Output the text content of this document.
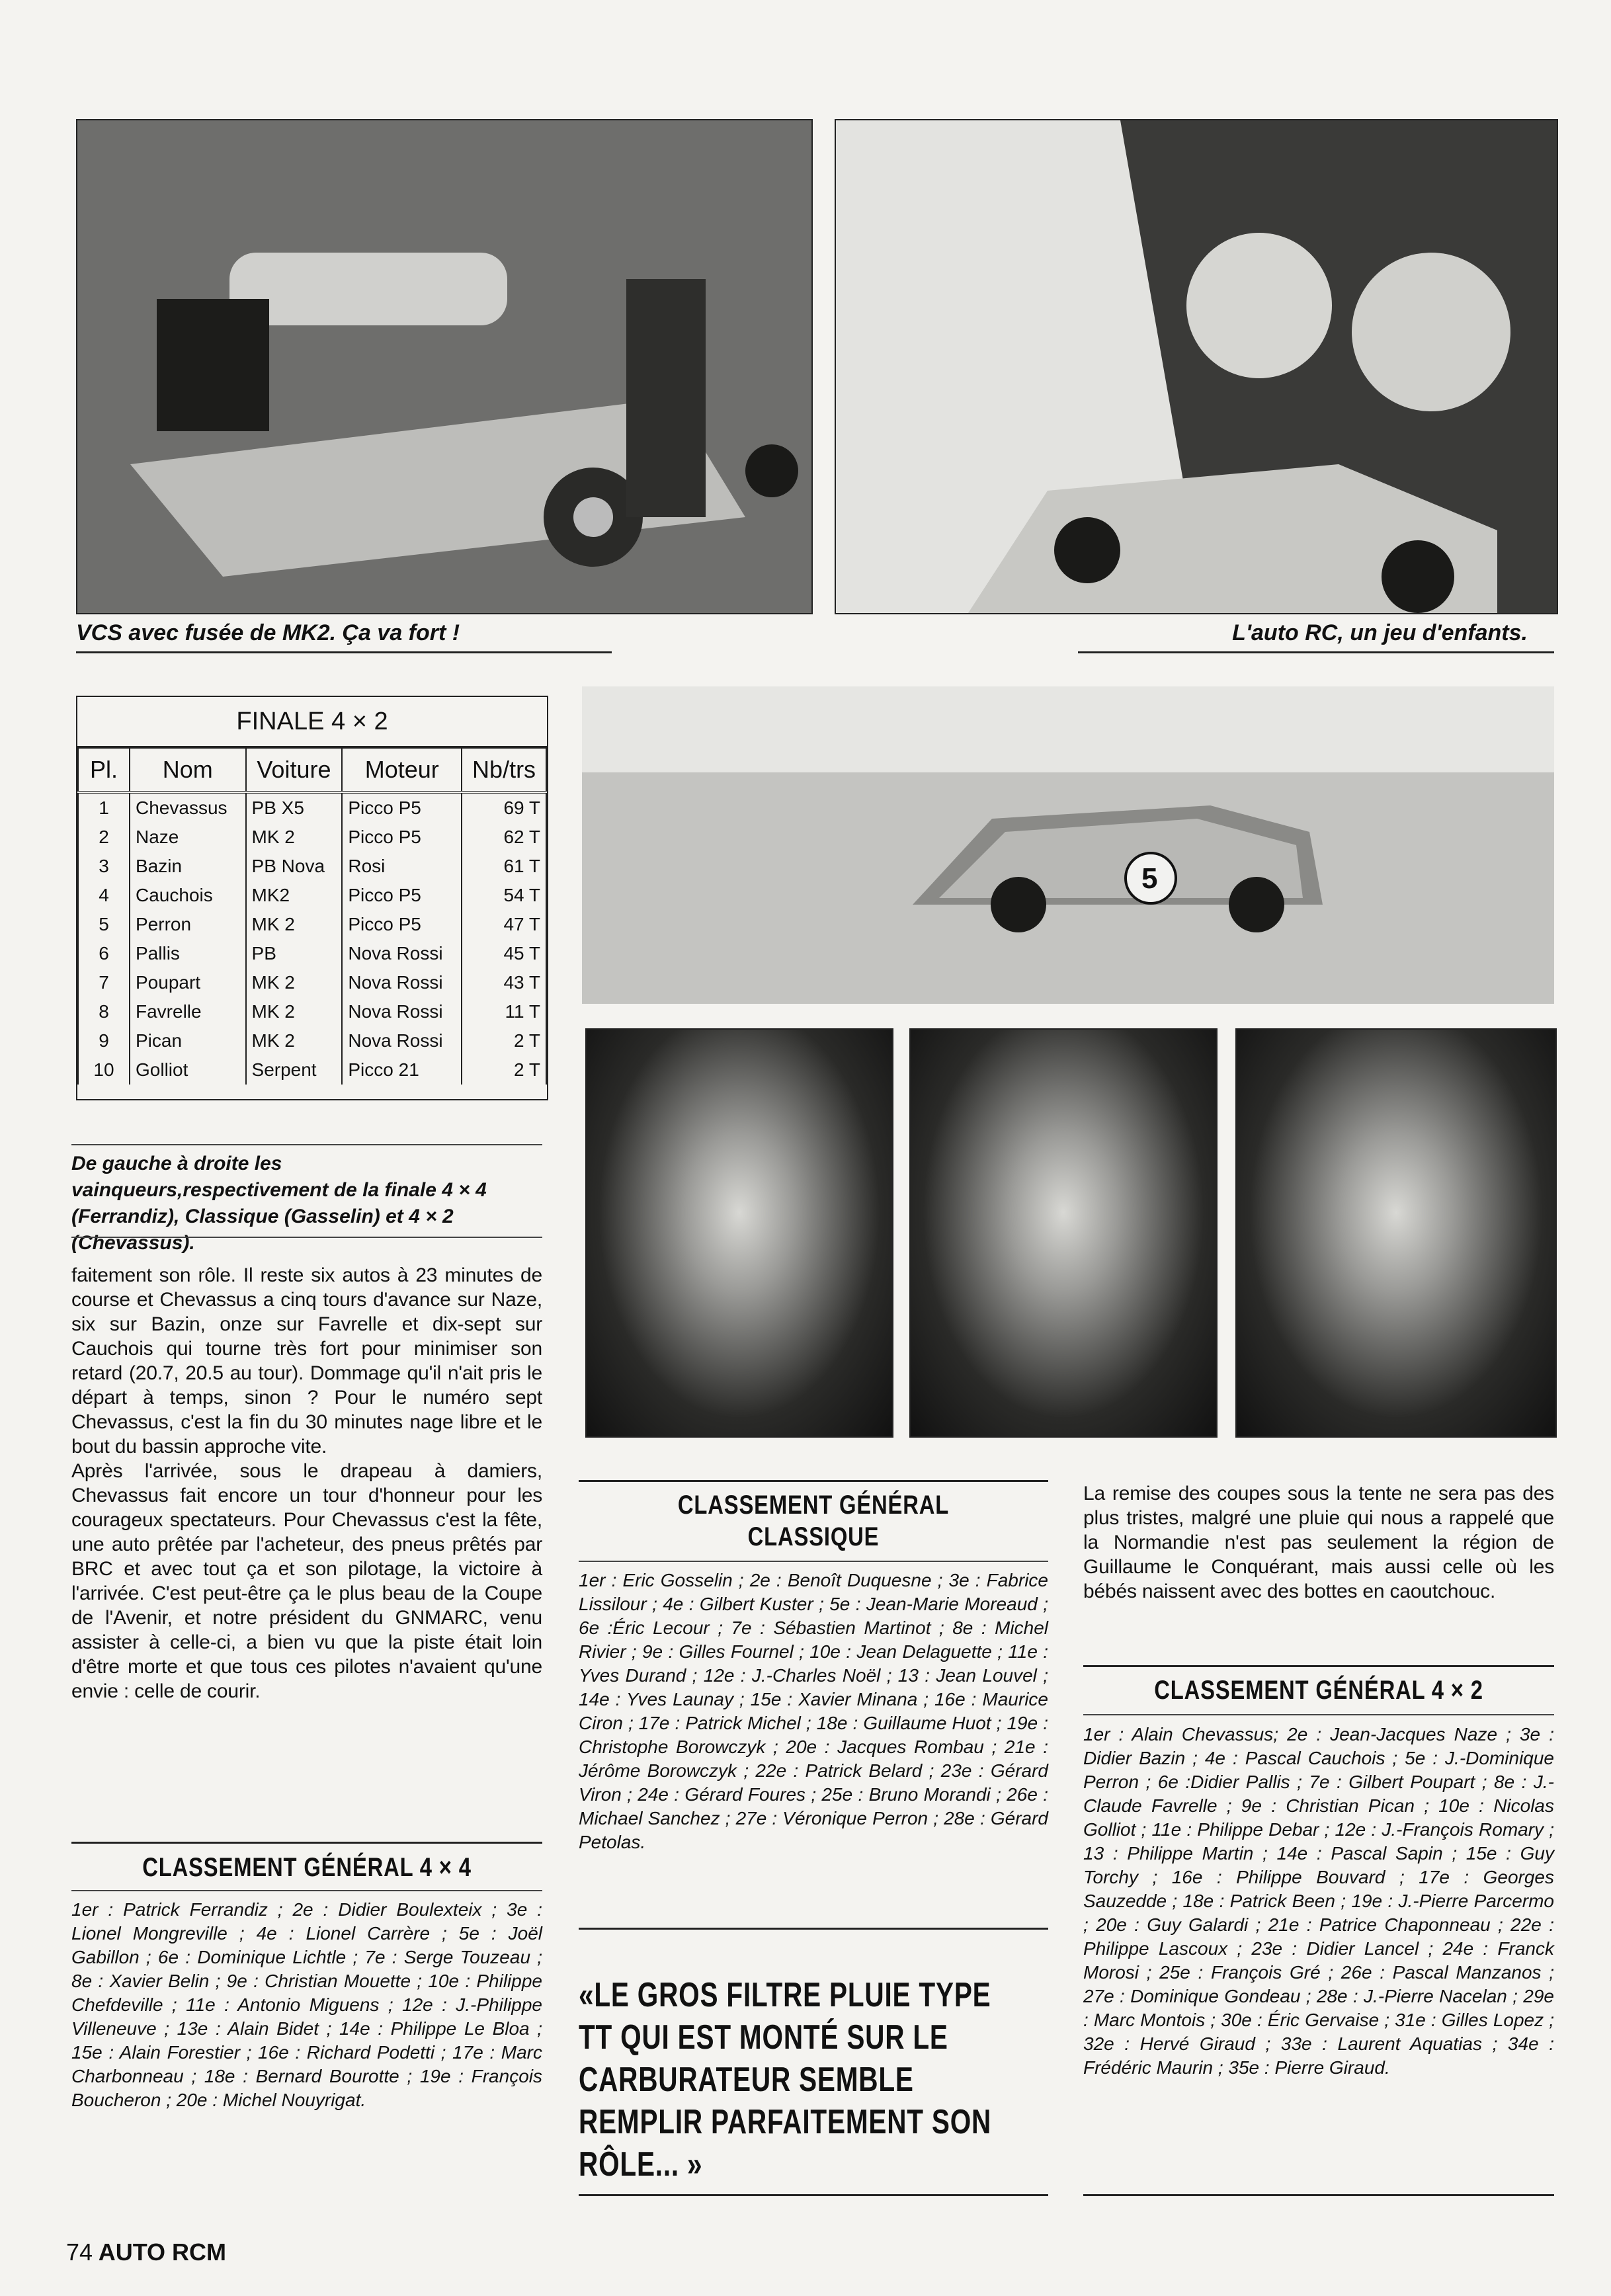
VCS avec fusée de MK2. Ça va fort !	L'auto RC, un jeu d'enfants.
FINALE 4 × 2
Pl.	Nom	Voiture	Moteur	Nb/trs
1	Chevassus	PB X5	Picco P5	69 T
2	Naze	MK 2	Picco P5	62 T
3	Bazin	PB Nova	Rosi	61 T
4	Cauchois	MK2	Picco P5	54 T
5	Perron	MK 2	Picco P5	47 T
6	Pallis	PB	Nova Rossi	45 T
7	Poupart	MK 2	Nova Rossi	43 T
8	Favrelle	MK 2	Nova Rossi	11 T
9	Pican	MK 2	Nova Rossi	2 T
10	Golliot	Serpent	Picco 21	2 T
5
De gauche à droite les vainqueurs,respectivement de la finale 4 × 4 (Ferrandiz), Classique (Gasselin) et 4 × 2 (Chevassus).

faitement son rôle. Il reste six autos à 23 minutes de course et Chevassus a cinq tours d'avance sur Naze, six sur Bazin, onze sur Favrelle et dix-sept sur Cauchois qui tourne très fort pour minimiser son retard (20.7, 20.5 au tour). Dommage qu'il n'ait pris le départ à temps, sinon ? Pour le numéro sept Chevassus, c'est la fin du 30 minutes nage libre et le bout du bassin approche vite.

Après l'arrivée, sous le drapeau à damiers, Chevassus fait encore un tour d'honneur pour les courageux spectateurs. Pour Chevassus c'est la fête, une auto prêtée par l'acheteur, des pneus prêtés par BRC et avec tout ça et son pilotage, la victoire à l'arrivée. C'est peut-être ça le plus beau de la Coupe de l'Avenir, et notre président du GNMARC, venu assister à celle-ci, a bien vu que la piste était loin d'être morte et que tous ces pilotes n'avaient qu'une envie : celle de courir.

CLASSEMENT GÉNÉRAL 4 × 4
1er : Patrick Ferrandiz ; 2e : Didier Boulexteix ; 3e : Lionel Mongreville ; 4e : Lionel Carrère ; 5e : Joël Gabillon ; 6e : Dominique Lichtle ; 7e : Serge Touzeau ; 8e : Xavier Belin ; 9e : Christian Mouette ; 10e : Philippe Chefdeville ; 11e : Antonio Miguens ; 12e : J.-Philippe Villeneuve ; 13e : Alain Bidet ; 14e : Philippe Le Bloa ; 15e : Alain Forestier ; 16e : Richard Podetti ; 17e : Marc Charbonneau ; 18e : Bernard Bourotte ; 19e : François Boucheron ; 20e : Michel Nouyrigat.
CLASSEMENT GÉNÉRAL
CLASSIQUE
1er : Eric Gosselin ; 2e : Benoît Duquesne ; 3e : Fabrice Lissilour ; 4e : Gilbert Kuster ; 5e : Jean-Marie Moreaud ; 6e :Éric Lecour ; 7e : Sébastien Martinot ; 8e : Michel Rivier ; 9e : Gilles Fournel ; 10e : Jean Delaguette ; 11e : Yves Durand ; 12e : J.-Charles Noël ; 13 : Jean Louvel ; 14e : Yves Launay ; 15e : Xavier Minana ; 16e : Maurice Ciron ; 17e : Patrick Michel ; 18e : Guillaume Huot ; 19e : Christophe Borowczyk ; 20e : Jacques Rombau ; 21e : Jérôme Borowczyk ; 22e : Patrick Belard ; 23e : Gérard Viron ; 24e : Gérard Foures ; 25e : Bruno Morandi ; 26e : Michael Sanchez ; 27e : Véronique Perron ; 28e : Gérard Petolas.
«LE GROS FILTRE PLUIE TYPE TT QUI EST MONTÉ SUR LE CARBURATEUR SEMBLE REMPLIR PARFAITEMENT SON RÔLE... »
La remise des coupes sous la tente ne sera pas des plus tristes, malgré une pluie qui nous a rappelé que la Normandie n'est pas seulement la région de Guillaume le Conquérant, mais aussi celle où les bébés naissent avec des bottes en caoutchouc.
CLASSEMENT GÉNÉRAL 4 × 2
1er : Alain Chevassus; 2e : Jean-Jacques Naze ; 3e : Didier Bazin ; 4e : Pascal Cauchois ; 5e : J.-Dominique Perron ; 6e :Didier Pallis ; 7e : Gilbert Poupart ; 8e : J.-Claude Favrelle ; 9e : Christian Pican ; 10e : Nicolas Golliot ; 11e : Philippe Debar ; 12e : J.-François Romary ; 13 : Philippe Martin ; 14e : Pascal Sapin ; 15e : Guy Torchy ; 16e : Philippe Bouvard ; 17e : Georges Sauzedde ; 18e : Patrick Been ; 19e : J.-Pierre Parcermo ; 20e : Guy Galardi ; 21e : Patrice Chaponneau ; 22e : Philippe Lascoux ; 23e : Didier Lancel ; 24e : Franck Morosi ; 25e : François Gré ; 26e : Pascal Manzanos ; 27e : Dominique Gondeau ; 28e : J.-Pierre Nacelan ; 29e : Marc Montois ; 30e : Éric Gervaise ; 31e : Gilles Lopez ; 32e : Hervé Giraud ; 33e : Laurent Aquatias ; 34e : Frédéric Maurin ; 35e : Pierre Giraud.
74 AUTO RCM
